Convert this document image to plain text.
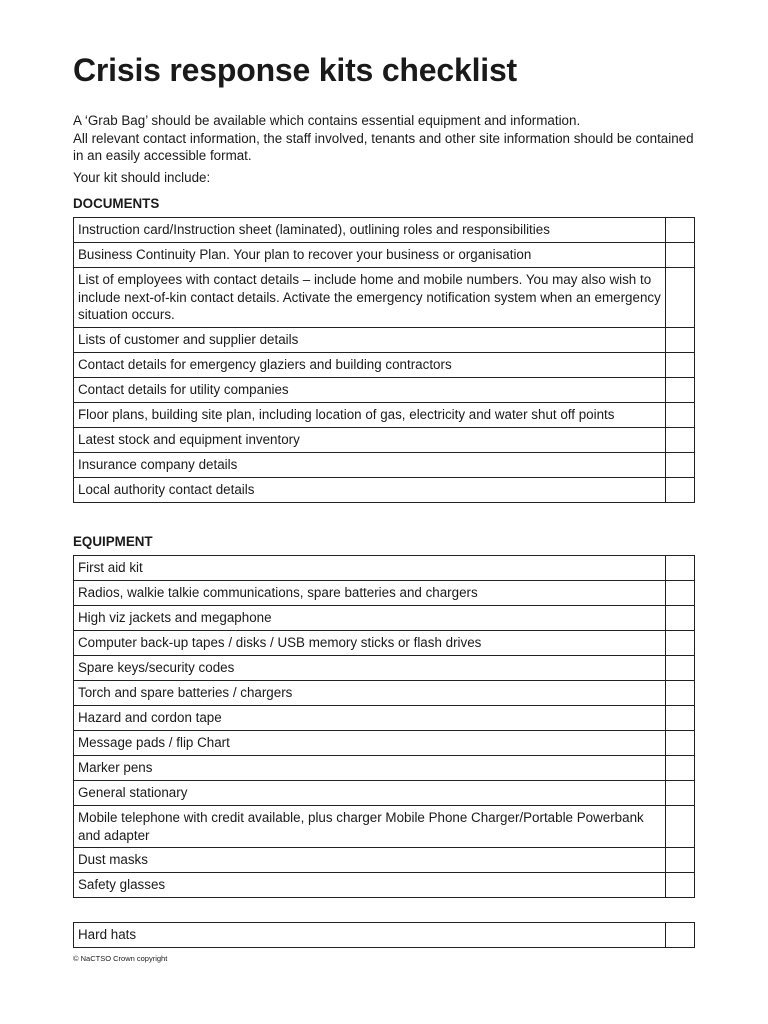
Crisis response kits checklist

A ‘Grab Bag’ should be available which contains essential equipment and information.
All relevant contact information, the staff involved, tenants and other site information should be contained in an easily accessible format.

Your kit should include:

DOCUMENTS
Instruction card/Instruction sheet (laminated), outlining roles and responsibilities	
Business Continuity Plan. Your plan to recover your business or organisation	
List of employees with contact details – include home and mobile numbers. You may also wish to include next-of-kin contact details. Activate the emergency notification system when an emergency situation occurs.	
Lists of customer and supplier details	
Contact details for emergency glaziers and building contractors	
Contact details for utility companies	
Floor plans, building site plan, including location of gas, electricity and water shut off points	
Latest stock and equipment inventory	
Insurance company details	
Local authority contact details	
EQUIPMENT
First aid kit	
Radios, walkie talkie communications, spare batteries and chargers	
High viz jackets and megaphone	
Computer back-up tapes / disks / USB memory sticks or flash drives	
Spare keys/security codes	
Torch and spare batteries / chargers	
Hazard and cordon tape	
Message pads / flip Chart	
Marker pens	
General stationary	
Mobile telephone with credit available, plus charger Mobile Phone Charger/Portable Powerbank and adapter	
Dust masks	
Safety glasses	
Hard hats	

© NaCTSO Crown copyright
